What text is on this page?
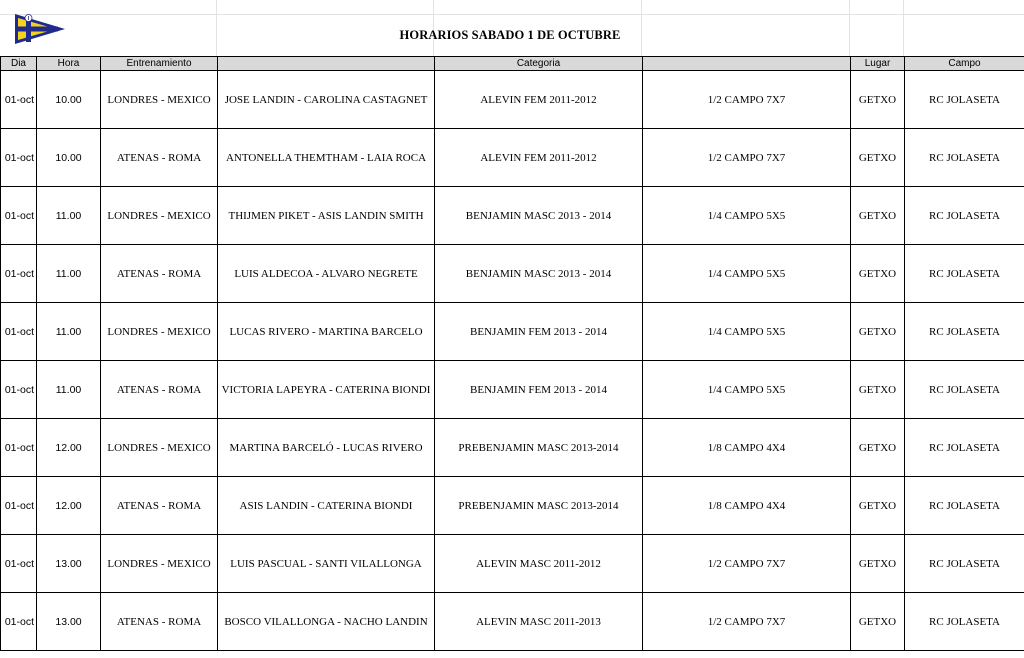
HORARIOS SABADO 1 DE OCTUBRE
Dia	Hora	Entrenamiento		Categoria		Lugar	Campo
01-oct	10.00	LONDRES - MEXICO	JOSE LANDIN - CAROLINA CASTAGNET	ALEVIN FEM 2011-2012	1/2 CAMPO 7X7	GETXO	RC JOLASETA
01-oct	10.00	ATENAS - ROMA	ANTONELLA THEMTHAM - LAIA ROCA	ALEVIN FEM 2011-2012	1/2 CAMPO 7X7	GETXO	RC JOLASETA
01-oct	11.00	LONDRES - MEXICO	THIJMEN PIKET - ASIS LANDIN SMITH	BENJAMIN MASC 2013 - 2014	1/4 CAMPO 5X5	GETXO	RC JOLASETA
01-oct	11.00	ATENAS - ROMA	LUIS ALDECOA - ALVARO NEGRETE	BENJAMIN MASC 2013 - 2014	1/4 CAMPO 5X5	GETXO	RC JOLASETA
01-oct	11.00	LONDRES - MEXICO	LUCAS RIVERO - MARTINA BARCELO	BENJAMIN FEM 2013 - 2014	1/4 CAMPO 5X5	GETXO	RC JOLASETA
01-oct	11.00	ATENAS - ROMA	VICTORIA LAPEYRA - CATERINA BIONDI	BENJAMIN FEM 2013 - 2014	1/4 CAMPO 5X5	GETXO	RC JOLASETA
01-oct	12.00	LONDRES - MEXICO	MARTINA BARCELÓ - LUCAS RIVERO	PREBENJAMIN MASC 2013-2014	1/8 CAMPO 4X4	GETXO	RC JOLASETA
01-oct	12.00	ATENAS - ROMA	ASIS LANDIN - CATERINA BIONDI	PREBENJAMIN MASC 2013-2014	1/8 CAMPO 4X4	GETXO	RC JOLASETA
01-oct	13.00	LONDRES - MEXICO	LUIS PASCUAL - SANTI VILALLONGA	ALEVIN MASC 2011-2012	1/2 CAMPO 7X7	GETXO	RC JOLASETA
01-oct	13.00	ATENAS - ROMA	BOSCO VILALLONGA - NACHO LANDIN	ALEVIN MASC 2011-2013	1/2 CAMPO 7X7	GETXO	RC JOLASETA
